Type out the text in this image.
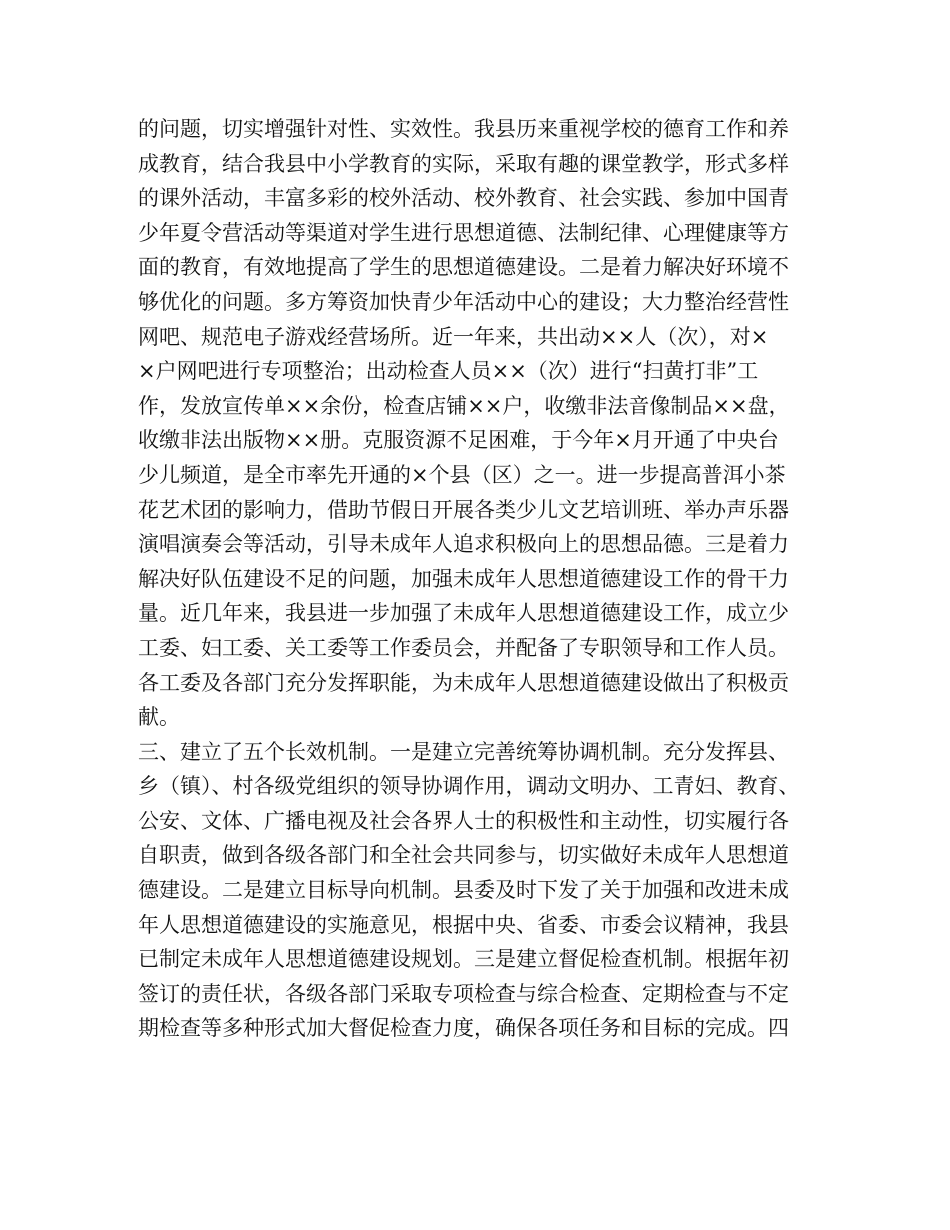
的问题，切实增强针对性、实效性。我县历来重视学校的德育工作和养
成教育，结合我县中小学教育的实际，采取有趣的课堂教学，形式多样
的课外活动，丰富多彩的校外活动、校外教育、社会实践、参加中国青
少年夏令营活动等渠道对学生进行思想道德、法制纪律、心理健康等方
面的教育，有效地提高了学生的思想道德建设。二是着力解决好环境不
够优化的问题。多方筹资加快青少年活动中心的建设；大力整治经营性
网吧、规范电子游戏经营场所。近一年来，共出动××人（次），对×
×户网吧进行专项整治；出动检查人员××（次）进行“扫黄打非”工
作，发放宣传单××余份，检查店铺××户，收缴非法音像制品××盘，
收缴非法出版物××册。克服资源不足困难，于今年×月开通了中央台
少儿频道，是全市率先开通的×个县（区）之一。进一步提高普洱小茶
花艺术团的影响力，借助节假日开展各类少儿文艺培训班、举办声乐器
演唱演奏会等活动，引导未成年人追求积极向上的思想品德。三是着力
解决好队伍建设不足的问题，加强未成年人思想道德建设工作的骨干力
量。近几年来，我县进一步加强了未成年人思想道德建设工作，成立少
工委、妇工委、关工委等工作委员会，并配备了专职领导和工作人员。
各工委及各部门充分发挥职能，为未成年人思想道德建设做出了积极贡
献。
三、建立了五个长效机制。一是建立完善统筹协调机制。充分发挥县、
乡（镇）、村各级党组织的领导协调作用，调动文明办、工青妇、教育、
公安、文体、广播电视及社会各界人士的积极性和主动性，切实履行各
自职责，做到各级各部门和全社会共同参与，切实做好未成年人思想道
德建设。二是建立目标导向机制。县委及时下发了关于加强和改进未成
年人思想道德建设的实施意见，根据中央、省委、市委会议精神，我县
已制定未成年人思想道德建设规划。三是建立督促检查机制。根据年初
签订的责任状，各级各部门采取专项检查与综合检查、定期检查与不定
期检查等多种形式加大督促检查力度，确保各项任务和目标的完成。四
